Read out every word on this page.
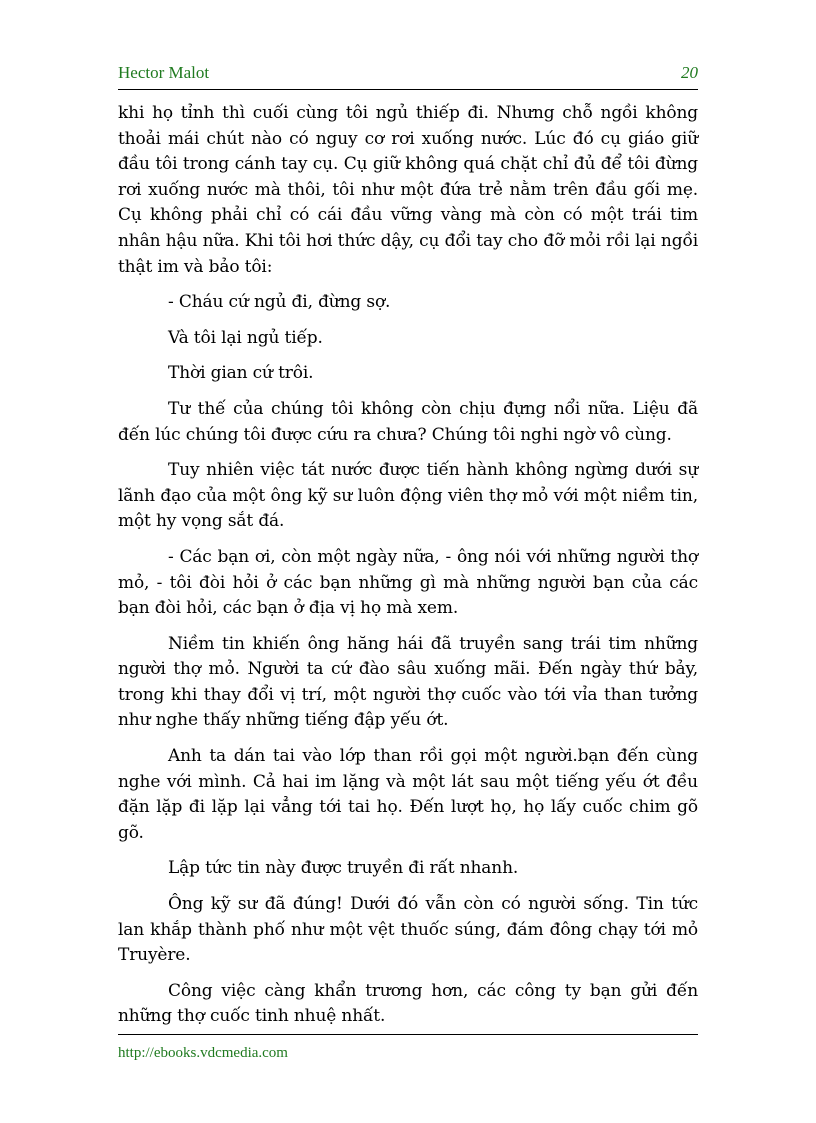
Hector Malot	20

khi họ tỉnh thì cuối cùng tôi ngủ thiếp đi. Nhưng chỗ ngồi không thoải mái chút nào có nguy cơ rơi xuống nước. Lúc đó cụ giáo giữ đầu tôi trong cánh tay cụ. Cụ giữ không quá chặt chỉ đủ để tôi đừng rơi xuống nước mà thôi, tôi như một đứa trẻ nằm trên đầu gối mẹ. Cụ không phải chỉ có cái đầu vững vàng mà còn có một trái tim nhân hậu nữa. Khi tôi hơi thức dậy, cụ đổi tay cho đỡ mỏi rồi lại ngồi thật im và bảo tôi:

- Cháu cứ ngủ đi, đừng sợ.

Và tôi lại ngủ tiếp.

Thời gian cứ trôi.

Tư thế của chúng tôi không còn chịu đựng nổi nữa. Liệu đã đến lúc chúng tôi được cứu ra chưa? Chúng tôi nghi ngờ vô cùng.

Tuy nhiên việc tát nước được tiến hành không ngừng dưới sự lãnh đạo của một ông kỹ sư luôn động viên thợ mỏ với một niềm tin, một hy vọng sắt đá.

- Các bạn ơi, còn một ngày nữa, - ông nói với những người thợ mỏ, - tôi đòi hỏi ở các bạn những gì mà những người bạn của các bạn đòi hỏi, các bạn ở địa vị họ mà xem.

Niềm tin khiến ông hăng hái đã truyền sang trái tim những người thợ mỏ. Người ta cứ đào sâu xuống mãi. Đến ngày thứ bảy, trong khi thay đổi vị trí, một người thợ cuốc vào tới vỉa than tưởng như nghe thấy những tiếng đập yếu ớt.

Anh ta dán tai vào lớp than rồi gọi một người.bạn đến cùng nghe với mình. Cả hai im lặng và một lát sau một tiếng yếu ớt đều đặn lặp đi lặp lại vẳng tới tai họ. Đến lượt họ, họ lấy cuốc chim gõ gõ.

Lập tức tin này được truyền đi rất nhanh.

Ông kỹ sư đã đúng! Dưới đó vẫn còn có người sống. Tin tức lan khắp thành phố như một vệt thuốc súng, đám đông chạy tới mỏ Truyère.

Công việc càng khẩn trương hơn, các công ty bạn gửi đến những thợ cuốc tinh nhuệ nhất.

http://ebooks.vdcmedia.com
